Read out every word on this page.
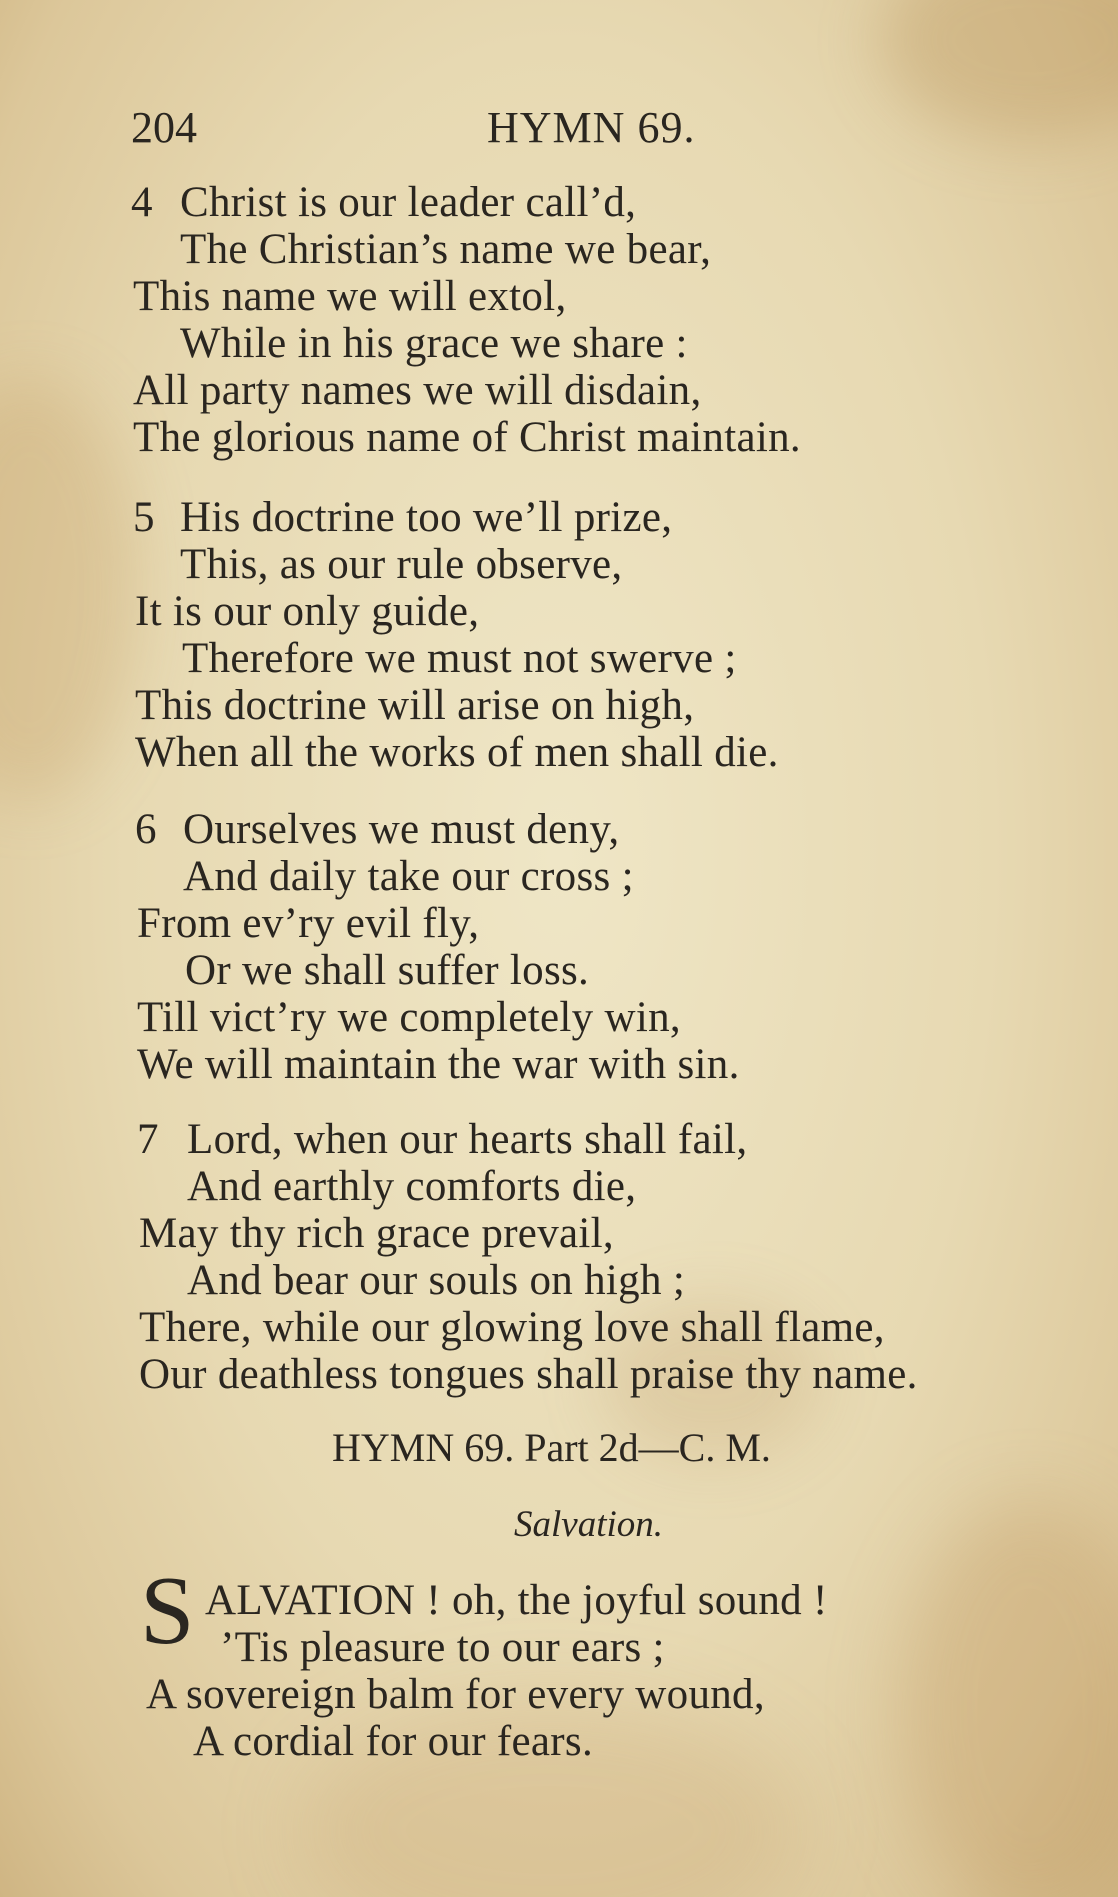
204	HYMN 69.
4 Christ is our leader call’d,
The Christian’s name we bear,
This name we will extol,
While in his grace we share :
All party names we will disdain,
The glorious name of Christ maintain.
5 His doctrine too we’ll prize,
This, as our rule observe,
It is our only guide,
Therefore we must not swerve ;
This doctrine will arise on high,
When all the works of men shall die.
6 Ourselves we must deny,
And daily take our cross ;
From ev’ry evil fly,
Or we shall suffer loss.
Till vict’ry we completely win,
We will maintain the war with sin.
7 Lord, when our hearts shall fail,
And earthly comforts die,
May thy rich grace prevail,
And bear our souls on high ;
There, while our glowing love shall flame,
Our deathless tongues shall praise thy name.
HYMN 69. Part 2d—C. M.
Salvation.
S ALVATION ! oh, the joyful sound !
’Tis pleasure to our ears ;
A sovereign balm for every wound,
A cordial for our fears.
